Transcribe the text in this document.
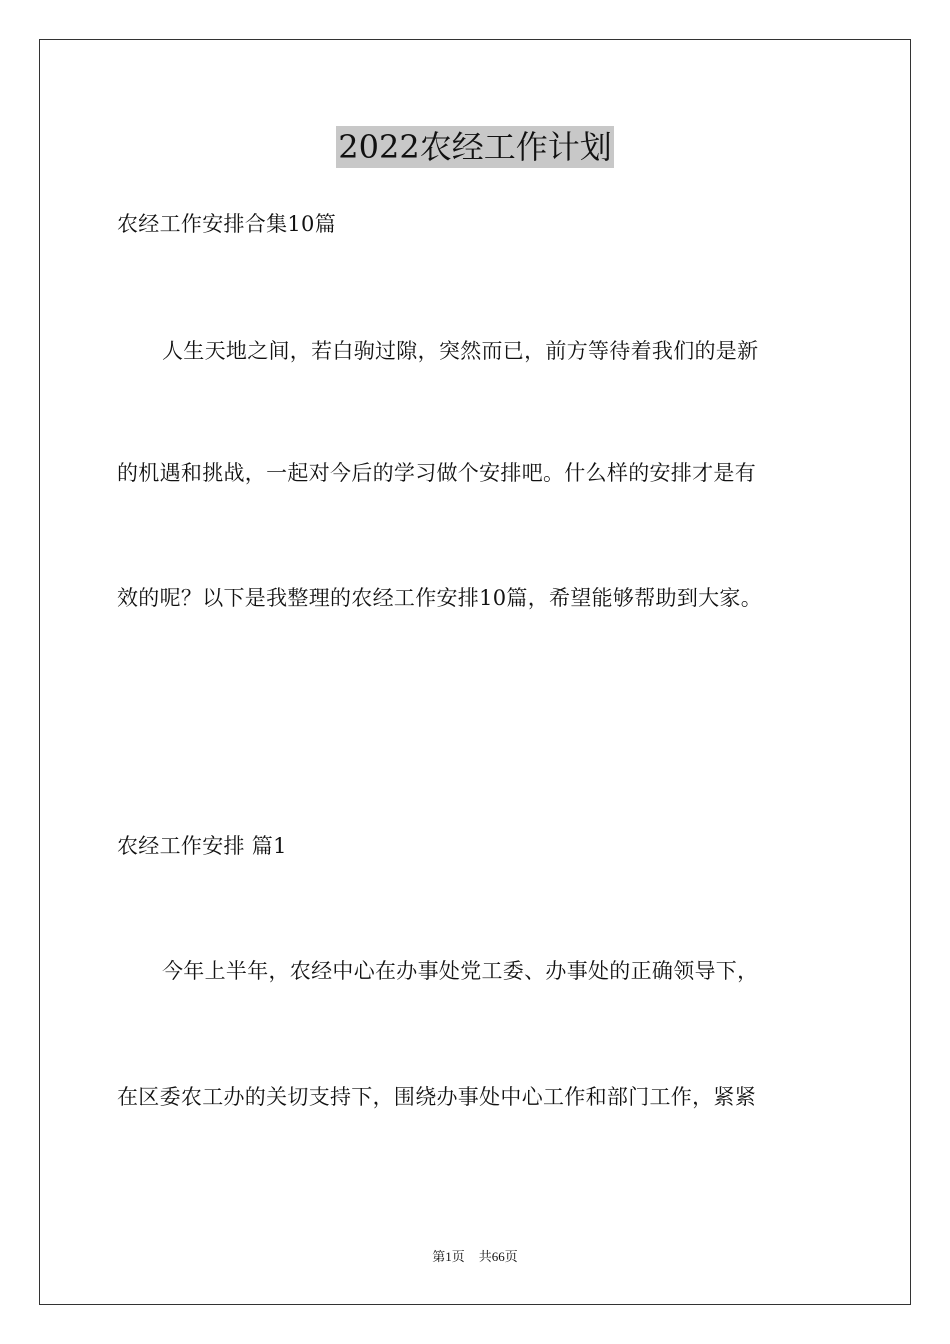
2022农经工作计划
农经工作安排合集10篇
人生天地之间，若白驹过隙，突然而已，前方等待着我们的是新
的机遇和挑战，一起对今后的学习做个安排吧。什么样的安排才是有
效的呢？以下是我整理的农经工作安排10篇，希望能够帮助到大家。
农经工作安排 篇1
今年上半年，农经中心在办事处党工委、办事处的正确领导下，
在区委农工办的关切支持下，围绕办事处中心工作和部门工作，紧紧
第1页 共66页
